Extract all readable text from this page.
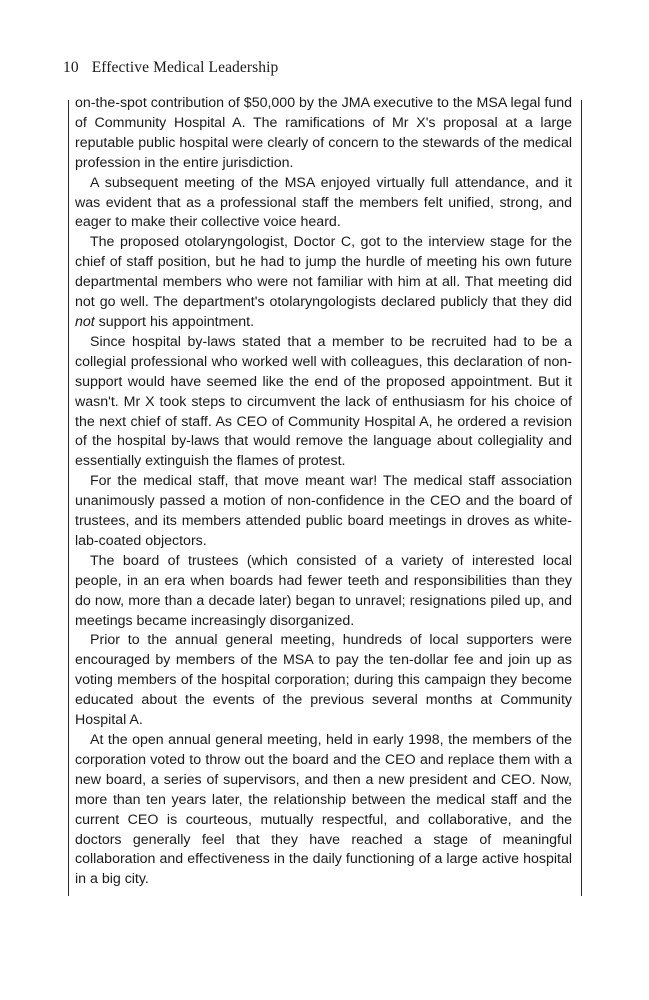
10 Effective Medical Leadership

on-the-spot contribution of $50,000 by the JMA executive to the MSA legal fund of Community Hospital A. The ramifications of Mr X's proposal at a large reputable public hospital were clearly of concern to the stewards of the medical profession in the entire jurisdiction.

A subsequent meeting of the MSA enjoyed virtually full attendance, and it was evident that as a professional staff the members felt unified, strong, and eager to make their collective voice heard.

The proposed otolaryngologist, Doctor C, got to the interview stage for the chief of staff position, but he had to jump the hurdle of meeting his own future departmental members who were not familiar with him at all. That meeting did not go well. The department's otolaryngologists declared publicly that they did not support his appointment.

Since hospital by-laws stated that a member to be recruited had to be a collegial professional who worked well with colleagues, this declaration of non-support would have seemed like the end of the proposed appointment. But it wasn't. Mr X took steps to circumvent the lack of enthusiasm for his choice of the next chief of staff. As CEO of Community Hospital A, he ordered a revision of the hospital by-laws that would remove the language about collegiality and essentially extinguish the flames of protest.

For the medical staff, that move meant war! The medical staff association unanimously passed a motion of non-confidence in the CEO and the board of trustees, and its members attended public board meetings in droves as white-lab-coated objectors.

The board of trustees (which consisted of a variety of interested local people, in an era when boards had fewer teeth and responsibilities than they do now, more than a decade later) began to unravel; resignations piled up, and meetings became increasingly disorganized.

Prior to the annual general meeting, hundreds of local supporters were encouraged by members of the MSA to pay the ten-dollar fee and join up as voting members of the hospital corporation; during this campaign they become educated about the events of the previous several months at Community Hospital A.

At the open annual general meeting, held in early 1998, the members of the corporation voted to throw out the board and the CEO and replace them with a new board, a series of supervisors, and then a new president and CEO. Now, more than ten years later, the relationship between the medical staff and the current CEO is courteous, mutually respectful, and collaborative, and the doctors generally feel that they have reached a stage of meaningful collaboration and effectiveness in the daily functioning of a large active hospital in a big city.
